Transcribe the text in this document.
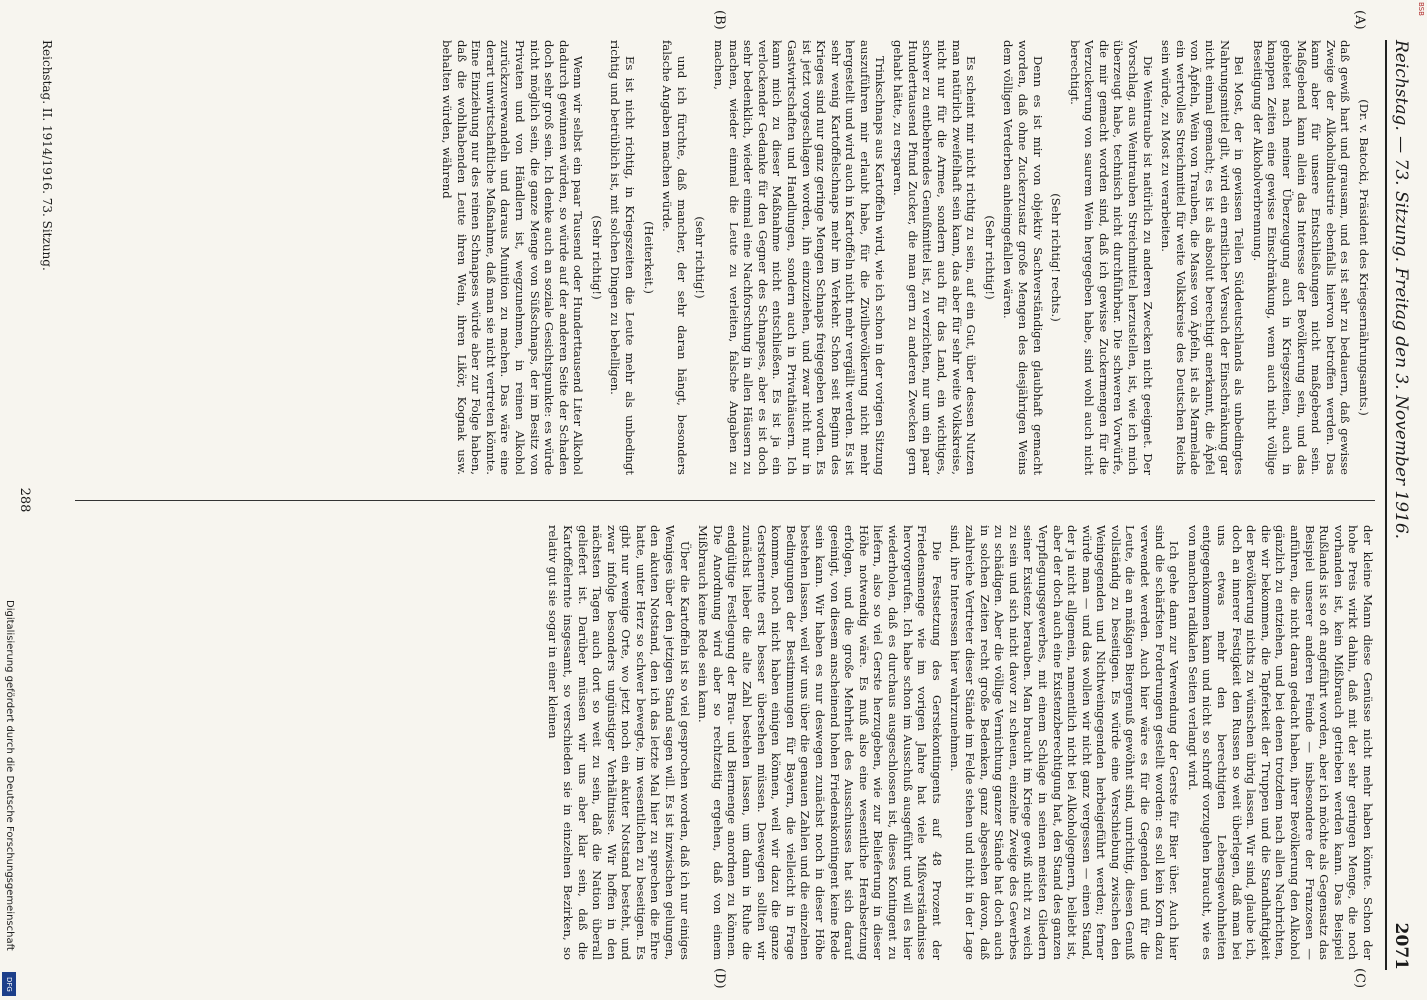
Reichstag. — 73. Sitzung. Freitag den 3. November 1916.
2071
(A)
(B)
(C)
(D)

(Dr. v. Batocki, Präsident des Kriegsernährungsamts.)

daß gewiß hart und grausam, und es ist sehr zu bedauern, daß gewisse Zweige der Alkoholindustrie ebenfalls hiervon betroffen werden. Das kann aber für unsere Entschließungen nicht maßgebend sein. Maßgebend kann allein das Interesse der Bevölkerung sein, und das gebietet nach meiner Überzeugung auch in Kriegszeiten, auch in knappen Zeiten eine gewisse Einschränkung, wenn auch nicht völlige Beseitigung der Alkoholverbrennung.

Bei Most, der in gewissen Teilen Süddeutschlands als unbedingtes Nahrungsmittel gilt, wird ein ernstlicher Versuch der Einschränkung gar nicht einmal gemacht; es ist als absolut berechtigt anerkannt, die Äpfel von Äpfeln, Wein von Trauben, die Masse von Äpfeln, ist als Marmelade ein wertvolles Streichmittel für weite Volkskreise des Deutschen Reichs sein würde, zu Most zu verarbeiten.

Die Weintraube ist natürlich zu anderen Zwecken nicht geeignet. Der Vorschlag, aus Weintrauben Streichmittel herzustellen, ist, wie ich mich überzeugt habe, technisch nicht durchführbar. Die schweren Vorwürfe, die mir gemacht worden sind, daß ich gewisse Zuckermengen für die Verzuckerung von saurem Wein hergegeben habe, sind wohl auch nicht berechtigt.

(Sehr richtig! rechts.)

Denn es ist mir von objektiv Sachverständigen glaubhaft gemacht worden, daß ohne Zuckerzusatz große Mengen des diesjährigen Weins dem völligen Verderben anheimgefallen wären.

(Sehr richtig!)

Es scheint mir nicht richtig zu sein, auf ein Gut, über dessen Nutzen man natürlich zweifelhaft sein kann, das aber für sehr weite Volkskreise, nicht nur für die Armee, sondern auch für das Land, ein wichtiges, schwer zu entbehrendes Genußmittel ist, zu verzichten, nur um ein paar Hunderttausend Pfund Zucker, die man gern zu anderen Zwecken gern gehabt hätte, zu ersparen.

Trinkschnaps aus Kartoffeln wird, wie ich schon in der vorigen Sitzung auszuführen mir erlaubt habe, für die Zivilbevölkerung nicht mehr hergestellt und wird auch in Kartoffeln nicht mehr vergällt werden. Es ist sehr wenig Kartoffelschnaps mehr im Verkehr. Schon seit Beginn des Krieges sind nur ganz geringe Mengen Schnaps freigegeben worden. Es ist jetzt vorgeschlagen worden, ihn einzuziehen, und zwar nicht nur in Gastwirtschaften und Handlungen, sondern auch in Privathäusern. Ich kann mich zu dieser Maßnahme nicht entschließen. Es ist ja ein verlockender Gedanke für den Gegner des Schnapses, aber es ist doch sehr bedenklich, wieder einmal eine Nachforschung in allen Häusern zu machen, wieder einmal die Leute zu verleiten, falsche Angaben zu machen,

(sehr richtig!)

und ich fürchte, daß mancher, der sehr daran hängt, besonders falsche Angaben machen würde.

(Heiterkeit.)

Es ist nicht richtig, in Kriegszeiten die Leute mehr als unbedingt richtig und betrüblich ist, mit solchen Dingen zu behelligen.

(Sehr richtig!)

Wenn wir selbst ein paar Tausend oder Hunderttausend Liter Alkohol dadurch gewinnen würden, so würde auf der anderen Seite der Schaden doch sehr groß sein. Ich denke auch an soziale Gesichtspunkte: es würde nicht möglich sein, die ganze Menge von Süßschnaps, der im Besitz von Privaten und von Händlern ist, wegzunehmen, in reinen Alkohol zurückzuverwandeln und daraus Munition zu machen. Das wäre eine derart unwirtschaftliche Maßnahme, daß man sie nicht vertreten könnte. Eine Einziehung nur des reinen Schnapses würde aber zur Folge haben, daß die wohlhabenden Leute ihren Wein, ihren Likör, Kognak usw. behalten würden, während

der kleine Mann diese Genüsse nicht mehr haben könnte. Schon der hohe Preis wirkt dahin, daß mit der sehr geringen Menge, die noch vorhanden ist, kein Mißbrauch getrieben werden kann. Das Beispiel Rußlands ist so oft angeführt worden, aber ich möchte als Gegensatz das Beispiel unserer anderen Feinde — insbesondere der Franzosen — anführen, die nicht daran gedacht haben, ihrer Bevölkerung den Alkohol gänzlich zu entziehen, und bei denen trotzdem nach allen Nachrichten, die wir bekommen, die Tapferkeit der Truppen und die Standhaftigkeit der Bevölkerung nichts zu wünschen übrig lassen. Wir sind, glaube ich, doch an innerer Festigkeit den Russen so weit überlegen, daß man bei uns etwas mehr den berechtigten Lebensgewohnheiten entgegenkommen kann und nicht so schroff vorzugehen braucht, wie es von manchen radikalen Seiten verlangt wird.

Ich gehe dann zur Verwendung der Gerste für Bier über. Auch hier sind die schärfsten Forderungen gestellt worden: es soll kein Korn dazu verwendet werden. Auch hier wäre es für die Gegenden und für die Leute, die an mäßigen Biergenuß gewöhnt sind, unrichtig, diesen Genuß vollständig zu beseitigen. Es würde eine Verschiebung zwischen den Weingegenden und Nichtweingegenden herbeigeführt werden; ferner würde man — und das wollen wir nicht ganz vergessen — einen Stand, der ja nicht allgemein, namentlich nicht bei Alkoholgegnern, beliebt ist, aber der doch auch eine Existenzberechtigung hat, den Stand des ganzen Verpflegungsgewerbes, mit einem Schlage in seinen meisten Gliedern seiner Existenz berauben. Man braucht im Kriege gewiß nicht zu weich zu sein und sich nicht davor zu scheuen, einzelne Zweige des Gewerbes zu schädigen. Aber die völlige Vernichtung ganzer Stände hat doch auch in solchen Zeiten recht große Bedenken, ganz abgesehen davon, daß zahlreiche Vertreter dieser Stände im Felde stehen und nicht in der Lage sind, ihre Interessen hier wahrzunehmen.

Die Festsetzung des Gerstekontingents auf 48 Prozent der Friedensmenge wie im vorigen Jahre hat viele Mißverständnisse hervorgerufen. Ich habe schon im Ausschuß ausgeführt und will es hier wiederholen, daß es durchaus ausgeschlossen ist, dieses Kontingent zu liefern, also so viel Gerste herzugeben, wie zur Belieferung in dieser Höhe notwendig wäre. Es muß also eine wesentliche Herabsetzung erfolgen, und die große Mehrheit des Ausschusses hat sich darauf geeinigt, von diesem anscheinend hohen Friedenskontingent keine Rede sein kann. Wir haben es nur deswegen zunächst noch in dieser Höhe bestehen lassen, weil wir uns über die genauen Zahlen und die einzelnen Bedingungen der Bestimmungen für Bayern, die vielleicht in Frage kommen, noch nicht haben einigen können, weil wir dazu die ganze Gerstenernte erst besser übersehen müssen. Deswegen sollten wir zunächst lieber die alte Zahl bestehen lassen, um dann in Ruhe die endgültige Festlegung der Brau- und Biermenge anordnen zu können. Die Anordnung wird aber so rechtzeitig ergehen, daß von einem Mißbrauch keine Rede sein kann.

Über die Kartoffeln ist so viel gesprochen worden, daß ich nur einiges Weniges über den jetzigen Stand sagen will. Es ist inzwischen gelungen, den akuten Notstand, den ich das letzte Mal hier zu sprechen die Ehre hatte, unter Herz so schwer bewegte, im wesentlichen zu beseitigen. Es gibt nur wenige Orte, wo jetzt noch ein akuter Notstand besteht, und zwar infolge besonders ungünstiger Verhältnisse. Wir hoffen in den nächsten Tagen auch dort so weit zu sein, daß die Nation überall geliefert ist. Darüber müssen wir uns aber klar sein, daß die Kartoffelernte insgesamt, so verschieden sie in einzelnen Bezirken, so relativ gut sie sogar in einer kleinen

Reichstag. II. 1914/1916. 73. Sitzung.
288
Digitalisierung gefördert durch die Deutsche Forschungsgemeinschaft
DFG
BSB
